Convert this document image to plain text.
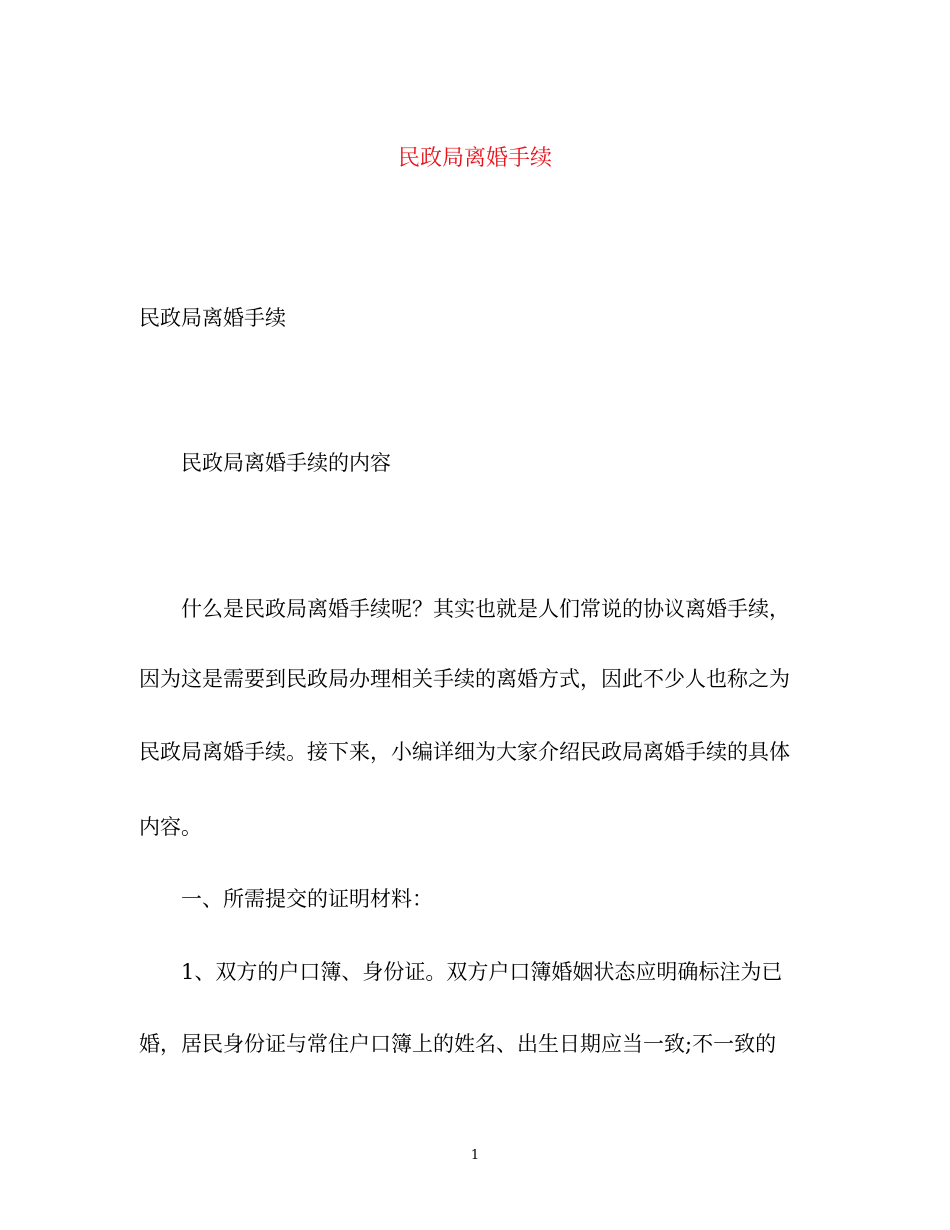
民政局离婚手续

民政局离婚手续

民政局离婚手续的内容

什么是民政局离婚手续呢？其实也就是人们常说的协议离婚手续，

因为这是需要到民政局办理相关手续的离婚方式，因此不少人也称之为

民政局离婚手续。接下来，小编详细为大家介绍民政局离婚手续的具体

内容。

一、所需提交的证明材料：

1、双方的户口簿、身份证。双方户口簿婚姻状态应明确标注为已

婚，居民身份证与常住户口簿上的姓名、出生日期应当一致;不一致的

1
